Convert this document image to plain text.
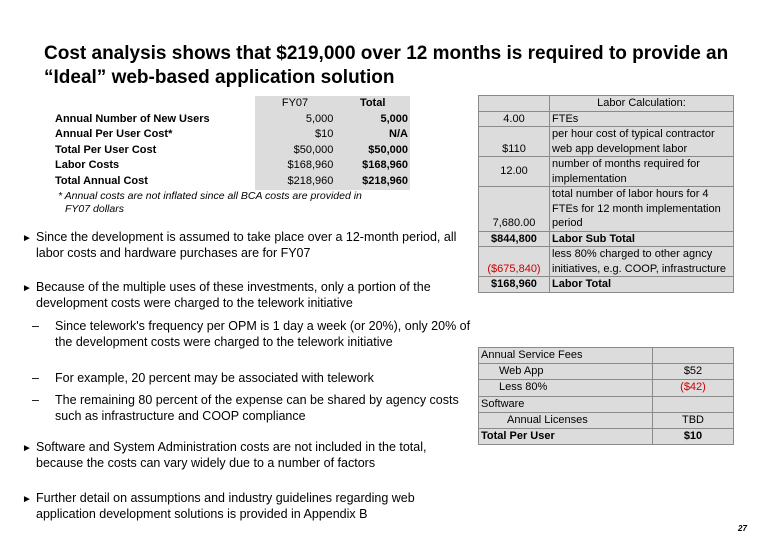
Cost analysis shows that $219,000 over 12 months is required to provide an “Ideal” web-based application solution
	FY07	Total
Annual Number of New Users	5,000	5,000
Annual Per User Cost*	$10	N/A
Total Per User Cost	$50,000	$50,000
Labor Costs	$168,960	$168,960
Total Annual Cost	$218,960	$218,960
* Annual costs are not inflated since all BCA costs are provided in
FY07 dollars
► Since the development is assumed to take place over a 12-month period, all labor costs and hardware purchases are for FY07
► Because of the multiple uses of these investments, only a portion of the development costs were charged to the telework initiative
– Since telework's frequency per OPM is 1 day a week (or 20%), only 20% of the development costs were charged to the telework initiative
– For example, 20 percent may be associated with telework
– The remaining 80 percent of the expense can be shared by agency costs such as infrastructure and COOP compliance
► Software and System Administration costs are not included in the total, because the costs can vary widely due to a number of factors
► Further detail on assumptions and industry guidelines regarding web application development solutions is provided in Appendix B
	Labor Calculation:
4.00	FTEs
$110	per hour cost of typical contractor web app development labor
12.00	number of months required for implementation
7,680.00	total number of labor hours for 4 FTEs for 12 month implementation period
$844,800	Labor Sub Total
($675,840)	less 80% charged to other agncy initiatives, e.g. COOP, infrastructure
$168,960	Labor Total
Annual Service Fees	
Web App	$52
Less 80%	($42)
Software	
Annual Licenses	TBD
Total Per User	$10
27
